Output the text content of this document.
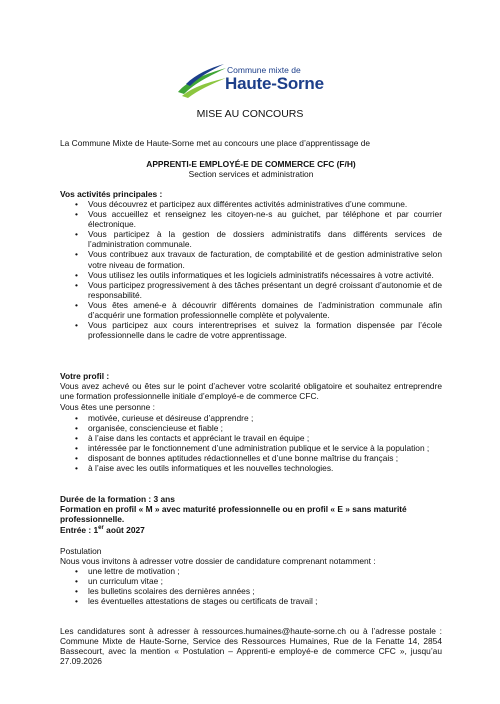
Commune mixte de
Haute-Sorne
MISE AU CONCOURS
La Commune Mixte de Haute-Sorne met au concours une place d’apprentissage de
APPRENTI-E EMPLOYÉ-E DE COMMERCE CFC (F/H)
Section services et administration
Vos activités principales :
• Vous découvrez et participez aux différentes activités administratives d’une commune.
• Vous accueillez et renseignez les citoyen-ne-s au guichet, par téléphone et par courrier électronique.
• Vous participez à la gestion de dossiers administratifs dans différents services de l’administration communale.
• Vous contribuez aux travaux de facturation, de comptabilité et de gestion administrative selon votre niveau de formation.
• Vous utilisez les outils informatiques et les logiciels administratifs nécessaires à votre activité.
• Vous participez progressivement à des tâches présentant un degré croissant d’autonomie et de responsabilité.
• Vous êtes amené-e à découvrir différents domaines de l’administration communale afin d’acquérir une formation professionnelle complète et polyvalente.
• Vous participez aux cours interentreprises et suivez la formation dispensée par l’école professionnelle dans le cadre de votre apprentissage.
Votre profil :
Vous avez achevé ou êtes sur le point d’achever votre scolarité obligatoire et souhaitez entreprendre une formation professionnelle initiale d’employé-e de commerce CFC.
Vous êtes une personne :
• motivée, curieuse et désireuse d’apprendre ;
• organisée, consciencieuse et fiable ;
• à l’aise dans les contacts et appréciant le travail en équipe ;
• intéressée par le fonctionnement d’une administration publique et le service à la population ;
• disposant de bonnes aptitudes rédactionnelles et d’une bonne maîtrise du français ;
• à l’aise avec les outils informatiques et les nouvelles technologies.
Durée de la formation : 3 ans
Formation en profil « M » avec maturité professionnelle ou en profil « E » sans maturité professionnelle.
Entrée : 1er août 2027
Postulation
Nous vous invitons à adresser votre dossier de candidature comprenant notamment :
• une lettre de motivation ;
• un curriculum vitae ;
• les bulletins scolaires des dernières années ;
• les éventuelles attestations de stages ou certificats de travail ;
Les candidatures sont à adresser à ressources.humaines@haute-sorne.ch ou à l’adresse postale : Commune Mixte de Haute-Sorne, Service des Ressources Humaines, Rue de la Fenatte 14, 2854 Bassecourt, avec la mention « Postulation – Apprenti-e employé-e de commerce CFC », jusqu’au 27.09.2026
